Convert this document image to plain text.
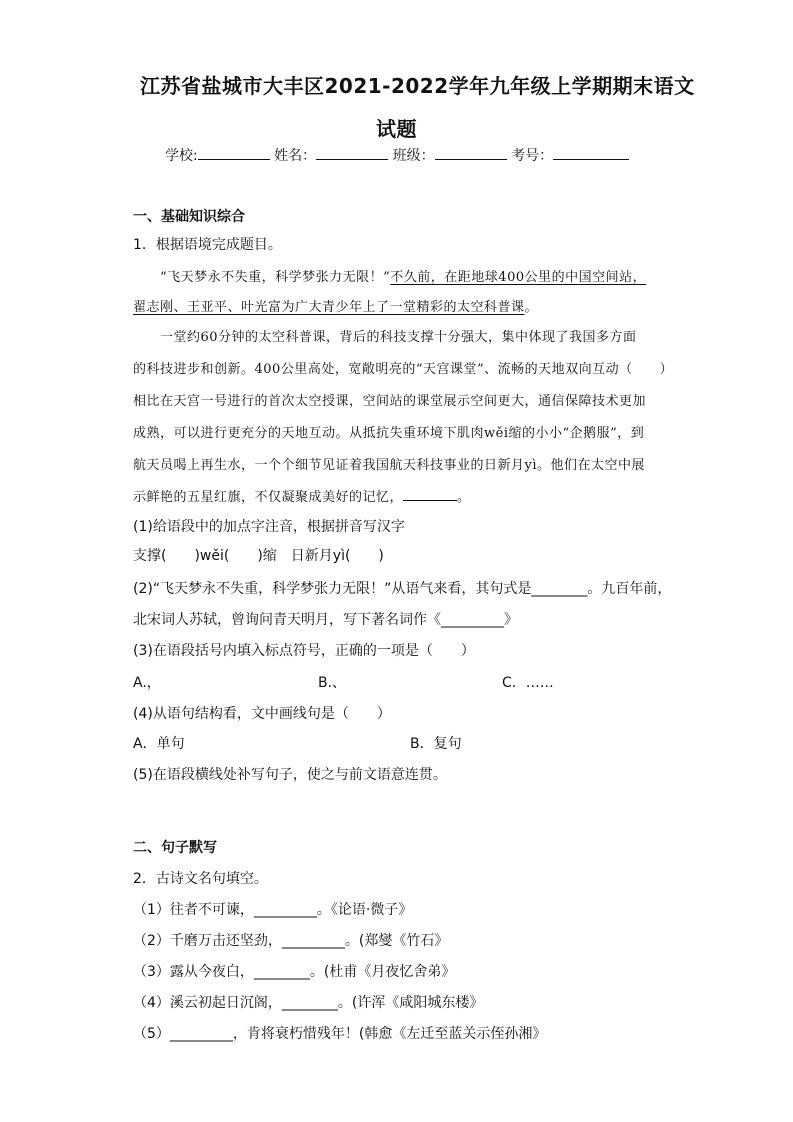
江苏省盐城市大丰区2021-2022学年九年级上学期期末语文
试题
学校:	姓名：	班级：	考号：
一、基础知识综合
1．根据语境完成题目。
“飞天梦永不失重，科学梦张力无限！”不久前，在距地球400公里的中国空间站，
翟志刚、王亚平、叶光富为广大青少年上了一堂精彩的太空科普课。
一堂约60分钟的太空科普课，背后的科技支撑十分强大，集中体现了我国多方面
的科技进步和创新。400公里高处，宽敞明亮的“天宫课堂”、流畅的天地双向互动（　　）
相比在天宫一号进行的首次太空授课，空间站的课堂展示空间更大，通信保障技术更加
成熟，可以进行更充分的天地互动。从抵抗失重环境下肌肉wěi缩的小小“企鹅服”，到
航天员喝上再生水，一个个细节见证着我国航天科技事业的日新月yì。他们在太空中展
示鲜艳的五星红旗，不仅凝聚成美好的记忆，	。
(1)给语段中的加点字注音，根据拼音写汉字
支撑(　　)wěi(　　)缩　日新月yì(　　)
(2)“飞天梦永不失重，科学梦张力无限！”从语气来看，其句式是________。九百年前，
北宋词人苏轼，曾询问青天明月，写下著名词作《_________》
(3)在语段括号内填入标点符号，正确的一项是（　　）
A.，	B.、	C．……
(4)从语句结构看，文中画线句是（　　）
A．单句	B．复句
(5)在语段横线处补写句子，使之与前文语意连贯。
二、句子默写
2．古诗文名句填空。
（1）往者不可谏，_________。《论语·微子》
（2）千磨万击还坚劲，_________。(郑燮《竹石》
（3）露从今夜白，________。(杜甫《月夜忆舍弟》
（4）溪云初起日沉阁，________。(许浑《咸阳城东楼》
（5）_________，肯将衰朽惜残年！(韩愈《左迁至蓝关示侄孙湘》
